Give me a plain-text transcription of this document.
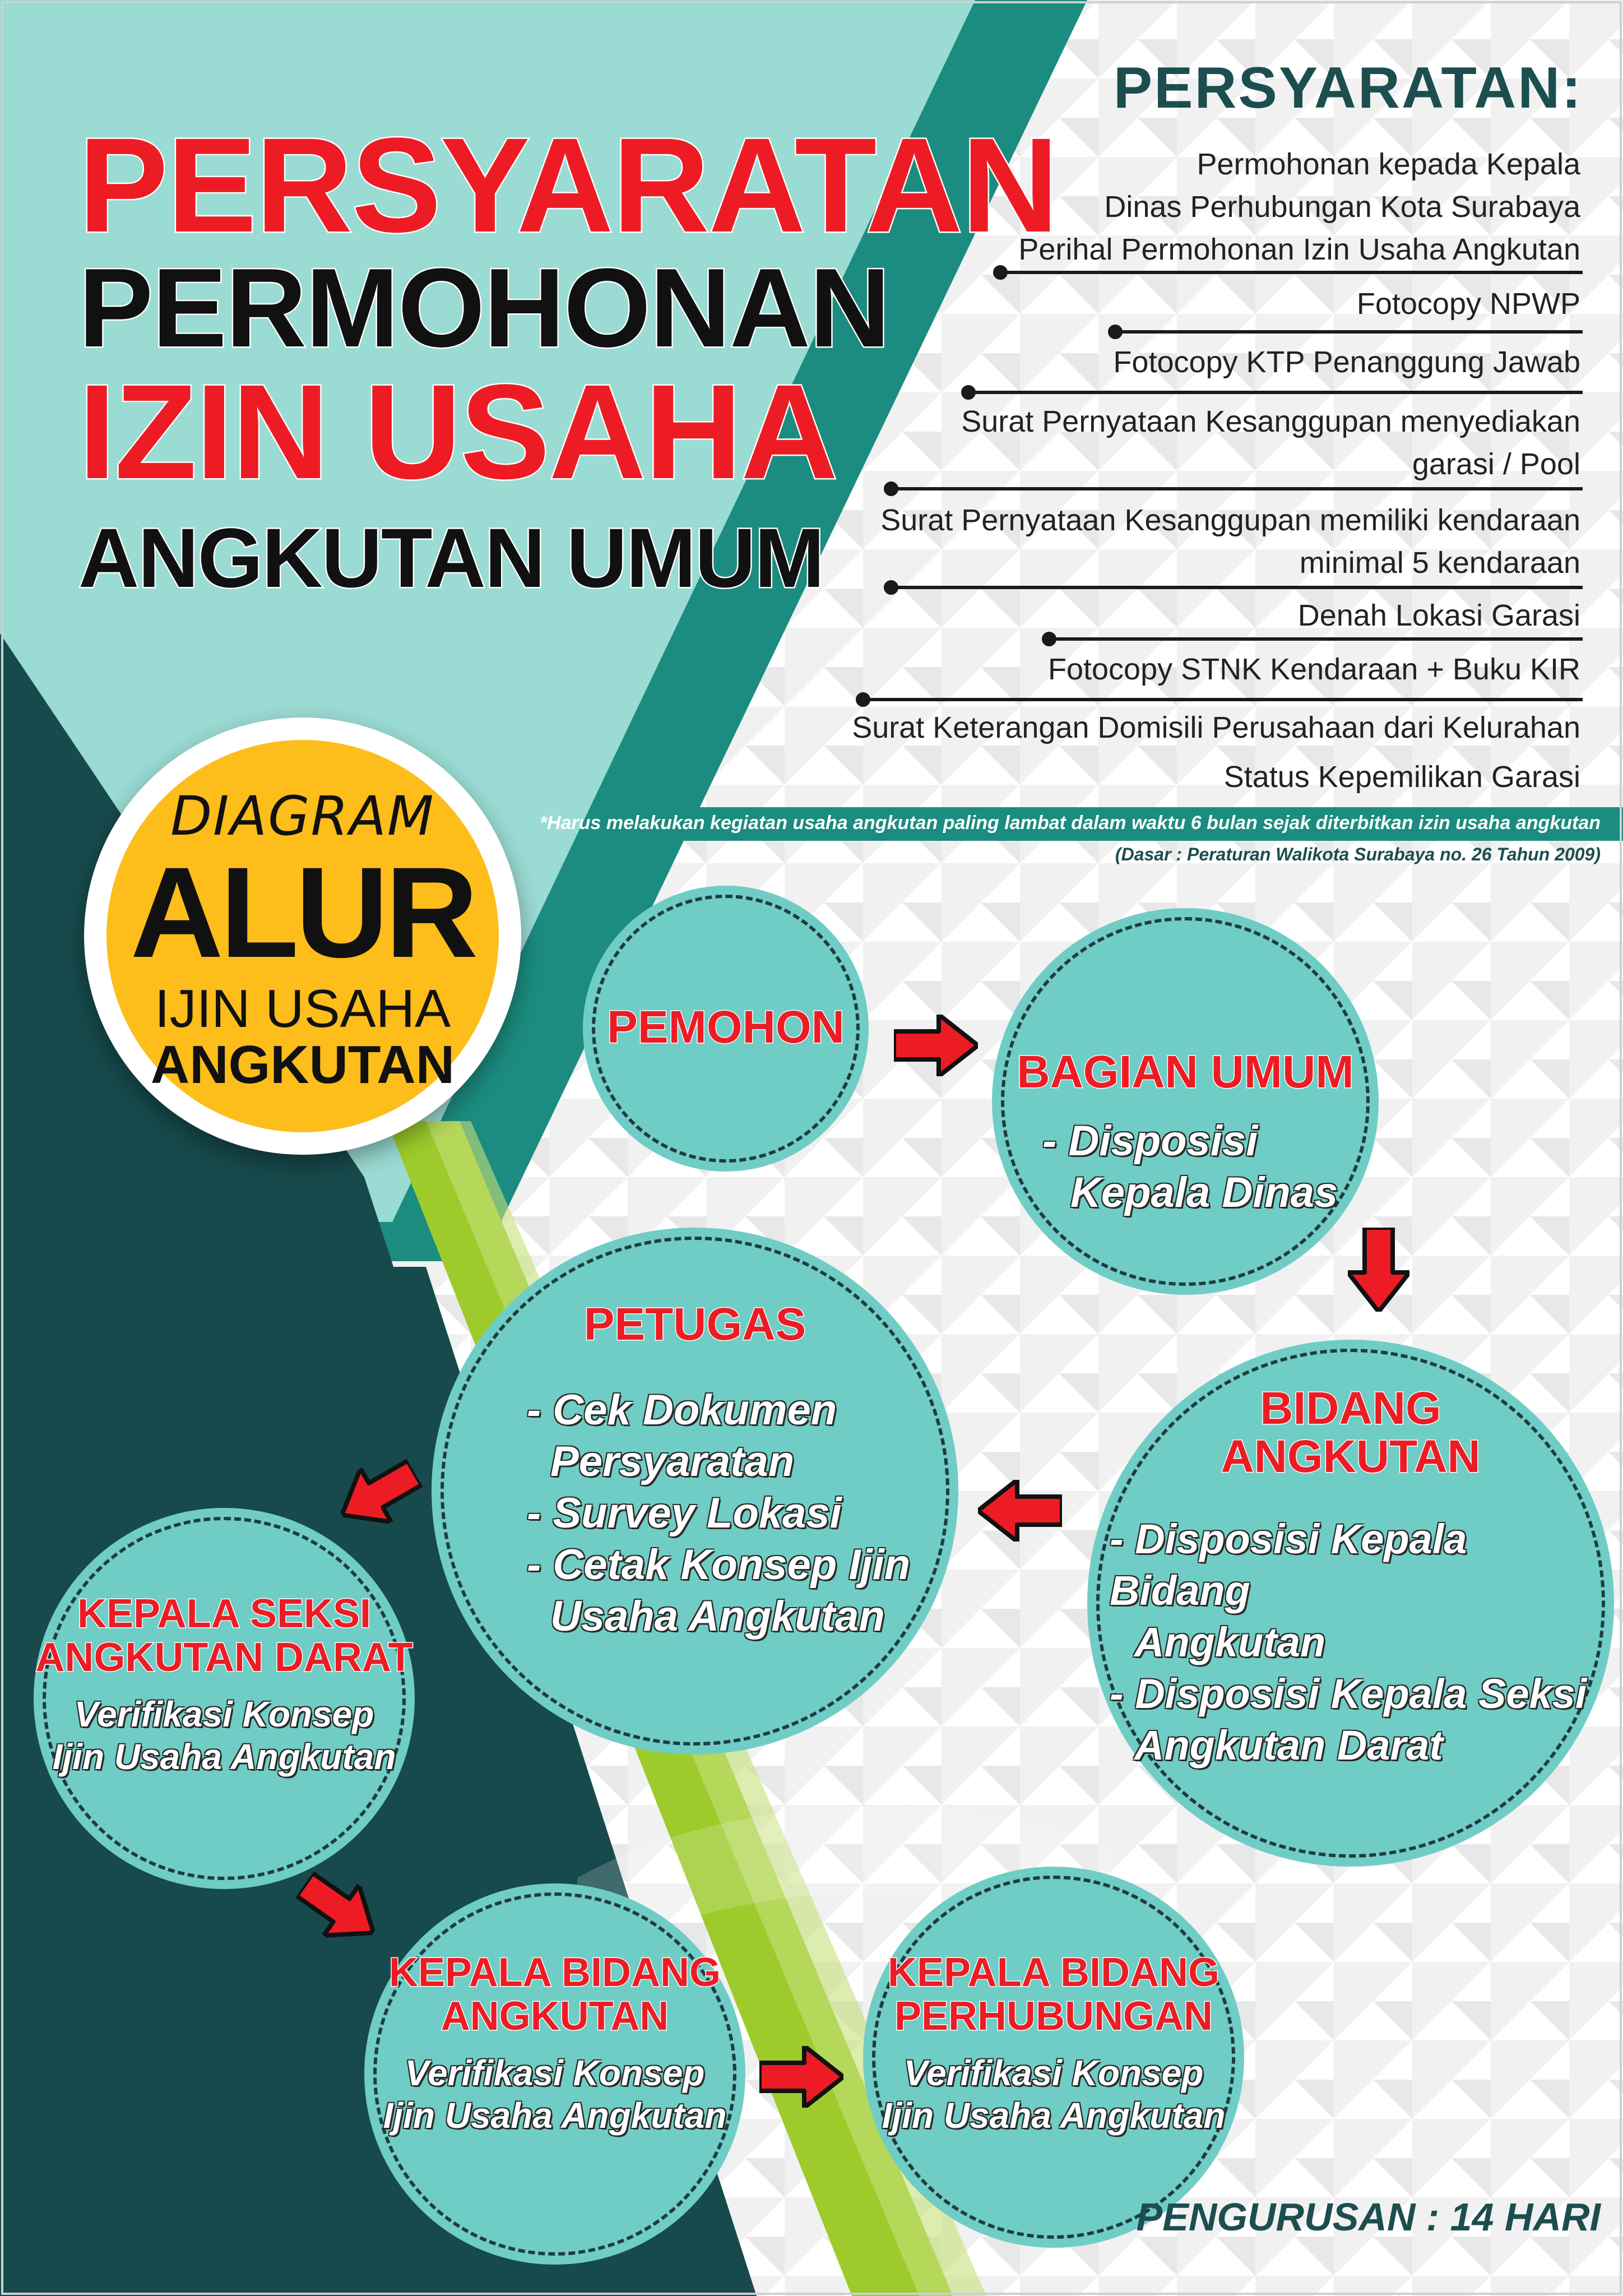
PERSYARATAN
PERMOHONAN
IZIN USAHA
ANGKUTAN UMUM
PERSYARATAN:
Permohonan kepada Kepala
Dinas Perhubungan Kota Surabaya
Perihal Permohonan Izin Usaha Angkutan
Fotocopy NPWP
Fotocopy KTP Penanggung Jawab
Surat Pernyataan Kesanggupan menyediakan
garasi / Pool
Surat Pernyataan Kesanggupan memiliki kendaraan
minimal 5 kendaraan
Denah Lokasi Garasi
Fotocopy STNK Kendaraan + Buku KIR
Surat Keterangan Domisili Perusahaan dari Kelurahan
Status Kepemilikan Garasi
*Harus melakukan kegiatan usaha angkutan paling lambat dalam waktu 6 bulan sejak diterbitkan izin usaha angkutan
(Dasar : Peraturan Walikota Surabaya no. 26 Tahun 2009)
DIAGRAM
ALUR
IJIN USAHA
ANGKUTAN
PEMOHON
BAGIAN UMUM
- Disposisi
Kepala Dinas
BIDANG
ANGKUTAN
- Disposisi Kepala Bidang
Angkutan
- Disposisi Kepala Seksi
Angkutan Darat
PETUGAS
- Cek Dokumen
Persyaratan
- Survey Lokasi
- Cetak Konsep Ijin
Usaha Angkutan
KEPALA SEKSI
ANGKUTAN DARAT
Verifikasi Konsep
Ijin Usaha Angkutan
KEPALA BIDANG
ANGKUTAN
Verifikasi Konsep
Ijin Usaha Angkutan
KEPALA BIDANG
PERHUBUNGAN
Verifikasi Konsep
Ijin Usaha Angkutan
PENGURUSAN : 14 HARI
